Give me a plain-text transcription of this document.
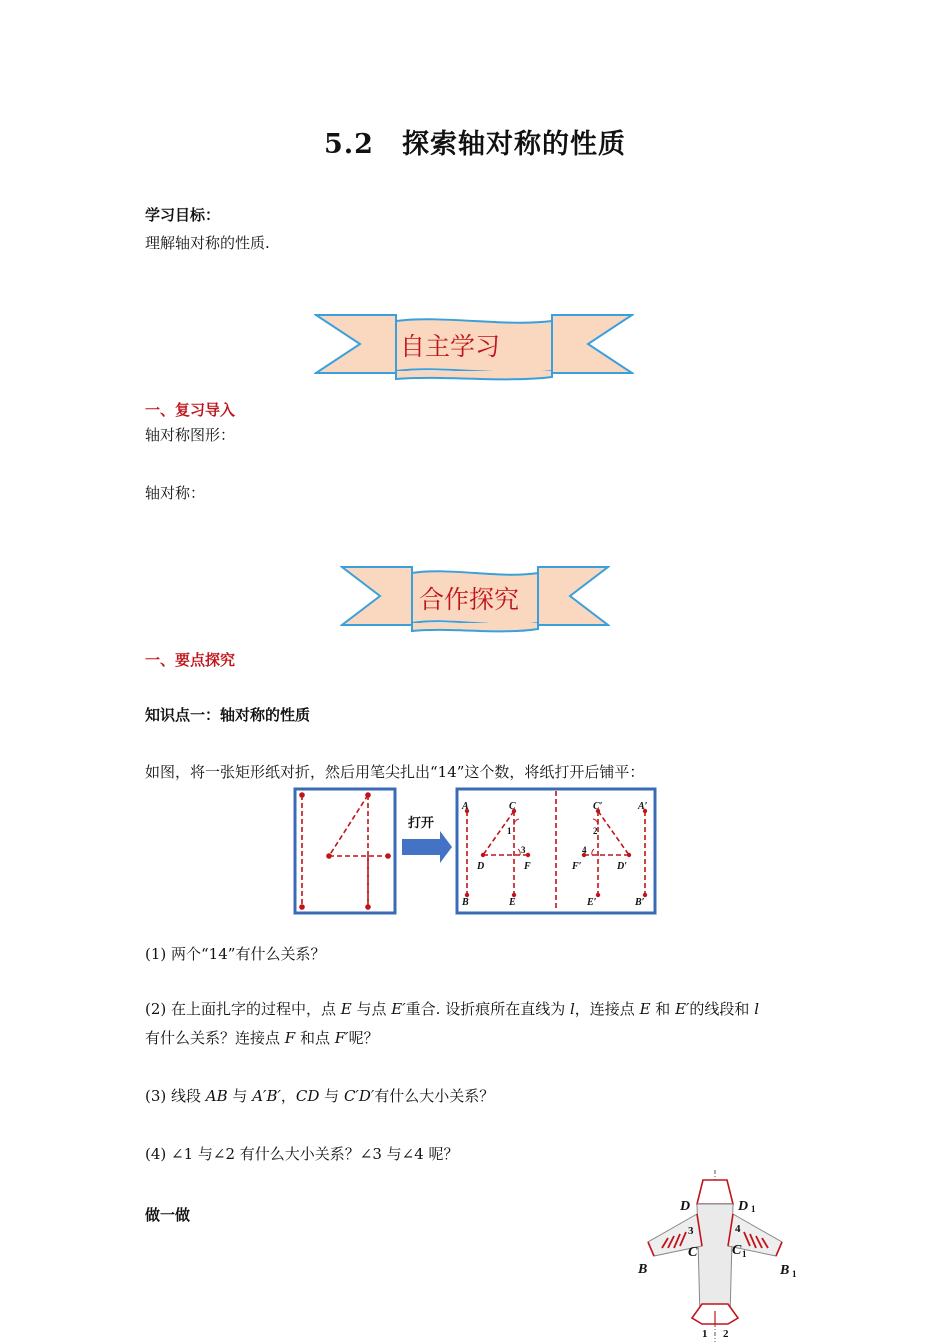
5.2　探索轴对称的性质
学习目标：
理解轴对称的性质.
自主学习
一、复习导入
轴对称图形：
轴对称：
合作探究
一、要点探究
知识点一：轴对称的性质
如图，将一张矩形纸对折，然后用笔尖扎出“14”这个数，将纸打开后铺平：
打开
A
B
C
D
E
F
A′
B′
C′
D′
E′
F′
1	2
3	4
(1) 两个“14”有什么关系？
(2) 在上面扎字的过程中，点 E 与点 E′重合. 设折痕所在直线为 l，连接点 E 和 E′的线段和 l
有什么关系？连接点 F 和点 F′呢？
(3) 线段 AB 与 A′B′，CD 与 C′D′有什么大小关系？
(4) ∠1 与∠2 有什么大小关系？∠3 与∠4 呢？
做一做	D	D
C C
B	B
1
1
1
3	4
1 2
